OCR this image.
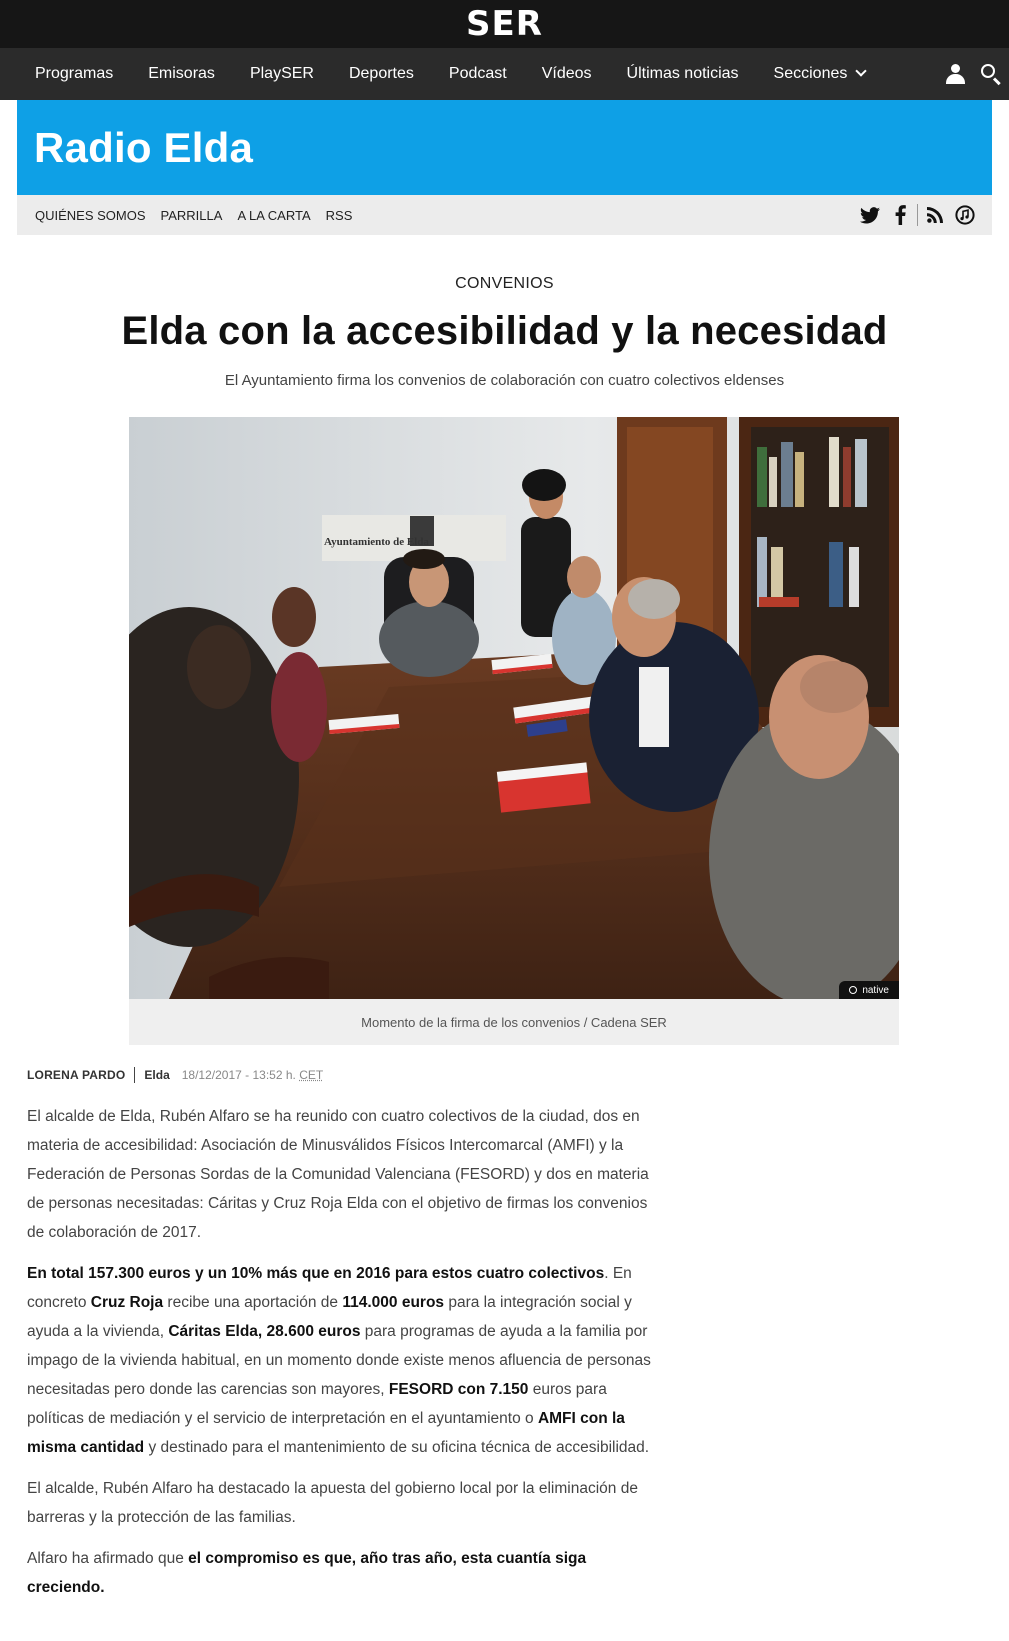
SER
Programas Emisoras PlaySER Deportes Podcast Vídeos Últimas noticias Secciones
Radio Elda
QUIÉNES SOMOS PARRILLA A LA CARTA RSS
CONVENIOS
Elda con la accesibilidad y la necesidad
El Ayuntamiento firma los convenios de colaboración con cuatro colectivos eldenses
Ayuntamiento de Elda
native
Momento de la firma de los convenios / Cadena SER
LORENA PARDO Elda 18/12/2017 - 13:52 h. CET

El alcalde de Elda, Rubén Alfaro se ha reunido con cuatro colectivos de la ciudad, dos en materia de accesibilidad: Asociación de Minusválidos Físicos Intercomarcal (AMFI) y la Federación de Personas Sordas de la Comunidad Valenciana (FESORD) y dos en materia de personas necesitadas: Cáritas y Cruz Roja Elda con el objetivo de firmas los convenios de colaboración de 2017.

En total 157.300 euros y un 10% más que en 2016 para estos cuatro colectivos. En concreto Cruz Roja recibe una aportación de 114.000 euros para la integración social y ayuda a la vivienda, Cáritas Elda, 28.600 euros para programas de ayuda a la familia por impago de la vivienda habitual, en un momento donde existe menos afluencia de personas necesitadas pero donde las carencias son mayores, FESORD con 7.150 euros para políticas de mediación y el servicio de interpretación en el ayuntamiento o AMFI con la misma cantidad y destinado para el mantenimiento de su oficina técnica de accesibilidad.

El alcalde, Rubén Alfaro ha destacado la apuesta del gobierno local por la eliminación de barreras y la protección de las familias.

Alfaro ha afirmado que el compromiso es que, año tras año, esta cuantía siga creciendo.
